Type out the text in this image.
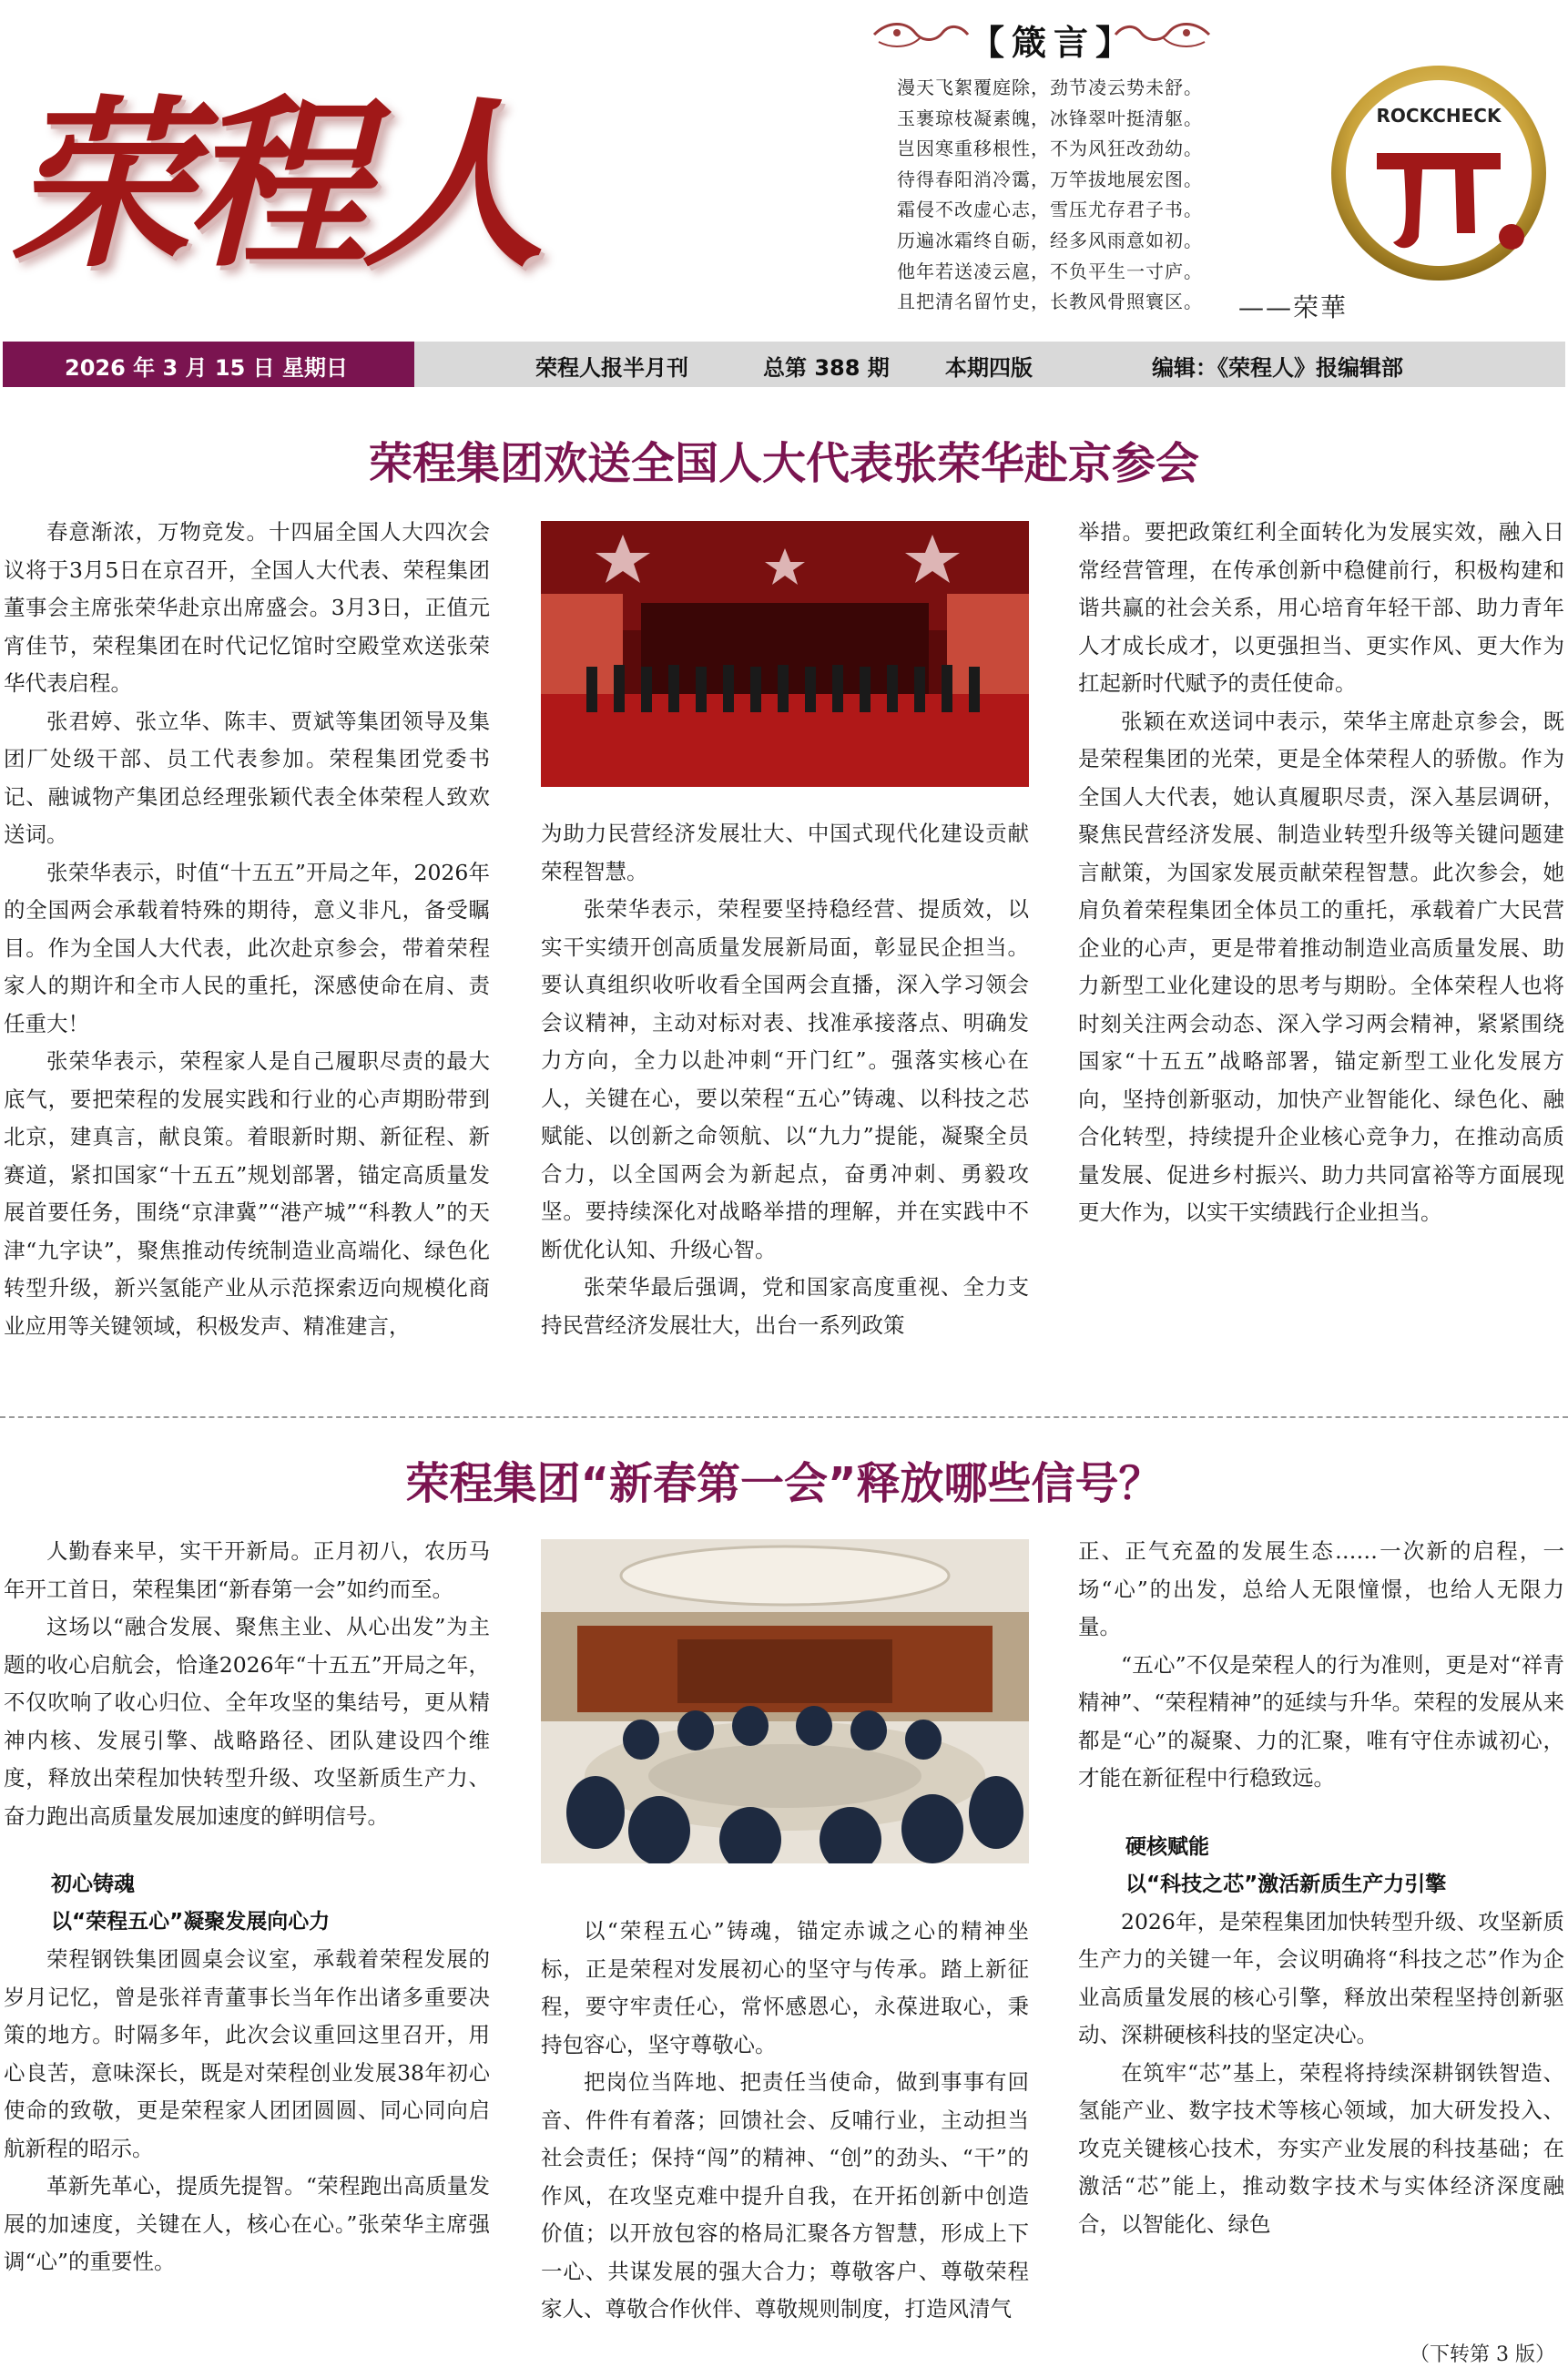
荣程人
【箴言】
漫天飞絮覆庭除，劲节凌云势未舒。
玉裹琼枝凝素魄，冰锋翠叶挺清躯。
岂因寒重移根性，不为风狂改劲幼。
待得春阳消冷霭，万竿拔地展宏图。
霜侵不改虚心志，雪压尤存君子书。
历遍冰霜终自砺，经多风雨意如初。
他年若送凌云扈，不负平生一寸庐。
且把清名留竹史，长教风骨照寰区。	——荣華
ROCKCHECK
2026 年 3 月 15 日 星期日	荣程人报半月刊	总第 388 期	本期四版	编辑：《荣程人》报编辑部
荣程集团欢送全国人大代表张荣华赴京参会

春意渐浓，万物竞发。十四届全国人大四次会议将于3月5日在京召开，全国人大代表、荣程集团董事会主席张荣华赴京出席盛会。3月3日，正值元宵佳节，荣程集团在时代记忆馆时空殿堂欢送张荣华代表启程。

张君婷、张立华、陈丰、贾斌等集团领导及集团厂处级干部、员工代表参加。荣程集团党委书记、融诚物产集团总经理张颖代表全体荣程人致欢送词。

张荣华表示，时值“十五五”开局之年，2026年的全国两会承载着特殊的期待，意义非凡，备受瞩目。作为全国人大代表，此次赴京参会，带着荣程家人的期许和全市人民的重托，深感使命在肩、责任重大！

张荣华表示，荣程家人是自己履职尽责的最大底气，要把荣程的发展实践和行业的心声期盼带到北京，建真言，献良策。着眼新时期、新征程、新赛道，紧扣国家“十五五”规划部署，锚定高质量发展首要任务，围绕“京津冀”“港产城”“科教人”的天津“九字诀”，聚焦推动传统制造业高端化、绿色化转型升级，新兴氢能产业从示范探索迈向规模化商业应用等关键领域，积极发声、精准建言，

为助力民营经济发展壮大、中国式现代化建设贡献荣程智慧。

张荣华表示，荣程要坚持稳经营、提质效，以实干实绩开创高质量发展新局面，彰显民企担当。要认真组织收听收看全国两会直播，深入学习领会会议精神，主动对标对表、找准承接落点、明确发力方向，全力以赴冲刺“开门红”。强落实核心在人，关键在心，要以荣程“五心”铸魂、以科技之芯赋能、以创新之命领航、以“九力”提能，凝聚全员合力，以全国两会为新起点，奋勇冲刺、勇毅攻坚。要持续深化对战略举措的理解，并在实践中不断优化认知、升级心智。

张荣华最后强调，党和国家高度重视、全力支持民营经济发展壮大，出台一系列政策

举措。要把政策红利全面转化为发展实效，融入日常经营管理，在传承创新中稳健前行，积极构建和谐共赢的社会关系，用心培育年轻干部、助力青年人才成长成才，以更强担当、更实作风、更大作为扛起新时代赋予的责任使命。

张颖在欢送词中表示，荣华主席赴京参会，既是荣程集团的光荣，更是全体荣程人的骄傲。作为全国人大代表，她认真履职尽责，深入基层调研，聚焦民营经济发展、制造业转型升级等关键问题建言献策，为国家发展贡献荣程智慧。此次参会，她肩负着荣程集团全体员工的重托，承载着广大民营企业的心声，更是带着推动制造业高质量发展、助力新型工业化建设的思考与期盼。全体荣程人也将时刻关注两会动态、深入学习两会精神，紧紧围绕国家“十五五”战略部署，锚定新型工业化发展方向，坚持创新驱动，加快产业智能化、绿色化、融合化转型，持续提升企业核心竞争力，在推动高质量发展、促进乡村振兴、助力共同富裕等方面展现更大作为，以实干实绩践行企业担当。

荣程集团“新春第一会”释放哪些信号？

人勤春来早，实干开新局。正月初八，农历马年开工首日，荣程集团“新春第一会”如约而至。

这场以“融合发展、聚焦主业、从心出发”为主题的收心启航会，恰逢2026年“十五五”开局之年，不仅吹响了收心归位、全年攻坚的集结号，更从精神内核、发展引擎、战略路径、团队建设四个维度，释放出荣程加快转型升级、攻坚新质生产力、奋力跑出高质量发展加速度的鲜明信号。

初心铸魂
以“荣程五心”凝聚发展向心力

荣程钢铁集团圆桌会议室，承载着荣程发展的岁月记忆，曾是张祥青董事长当年作出诸多重要决策的地方。时隔多年，此次会议重回这里召开，用心良苦，意味深长，既是对荣程创业发展38年初心使命的致敬，更是荣程家人团团圆圆、同心同向启航新程的昭示。

革新先革心，提质先提智。“荣程跑出高质量发展的加速度，关键在人，核心在心。”张荣华主席强调“心”的重要性。

以“荣程五心”铸魂，锚定赤诚之心的精神坐标，正是荣程对发展初心的坚守与传承。踏上新征程，要守牢责任心，常怀感恩心，永葆进取心，秉持包容心，坚守尊敬心。

把岗位当阵地、把责任当使命，做到事事有回音、件件有着落；回馈社会、反哺行业，主动担当社会责任；保持“闯”的精神、“创”的劲头、“干”的作风，在攻坚克难中提升自我，在开拓创新中创造价值；以开放包容的格局汇聚各方智慧，形成上下一心、共谋发展的强大合力；尊敬客户、尊敬荣程家人、尊敬合作伙伴、尊敬规则制度，打造风清气

正、正气充盈的发展生态……一次新的启程，一场“心”的出发，总给人无限憧憬，也给人无限力量。

“五心”不仅是荣程人的行为准则，更是对“祥青精神”、“荣程精神”的延续与升华。荣程的发展从来都是“心”的凝聚、力的汇聚，唯有守住赤诚初心，才能在新征程中行稳致远。

硬核赋能
以“科技之芯”激活新质生产力引擎

2026年，是荣程集团加快转型升级、攻坚新质生产力的关键一年，会议明确将“科技之芯”作为企业高质量发展的核心引擎，释放出荣程坚持创新驱动、深耕硬核科技的坚定决心。

在筑牢“芯”基上，荣程将持续深耕钢铁智造、氢能产业、数字技术等核心领域，加大研发投入、攻克关键核心技术，夯实产业发展的科技基础；在激活“芯”能上，推动数字技术与实体经济深度融合，以智能化、绿色

（下转第 3 版）
